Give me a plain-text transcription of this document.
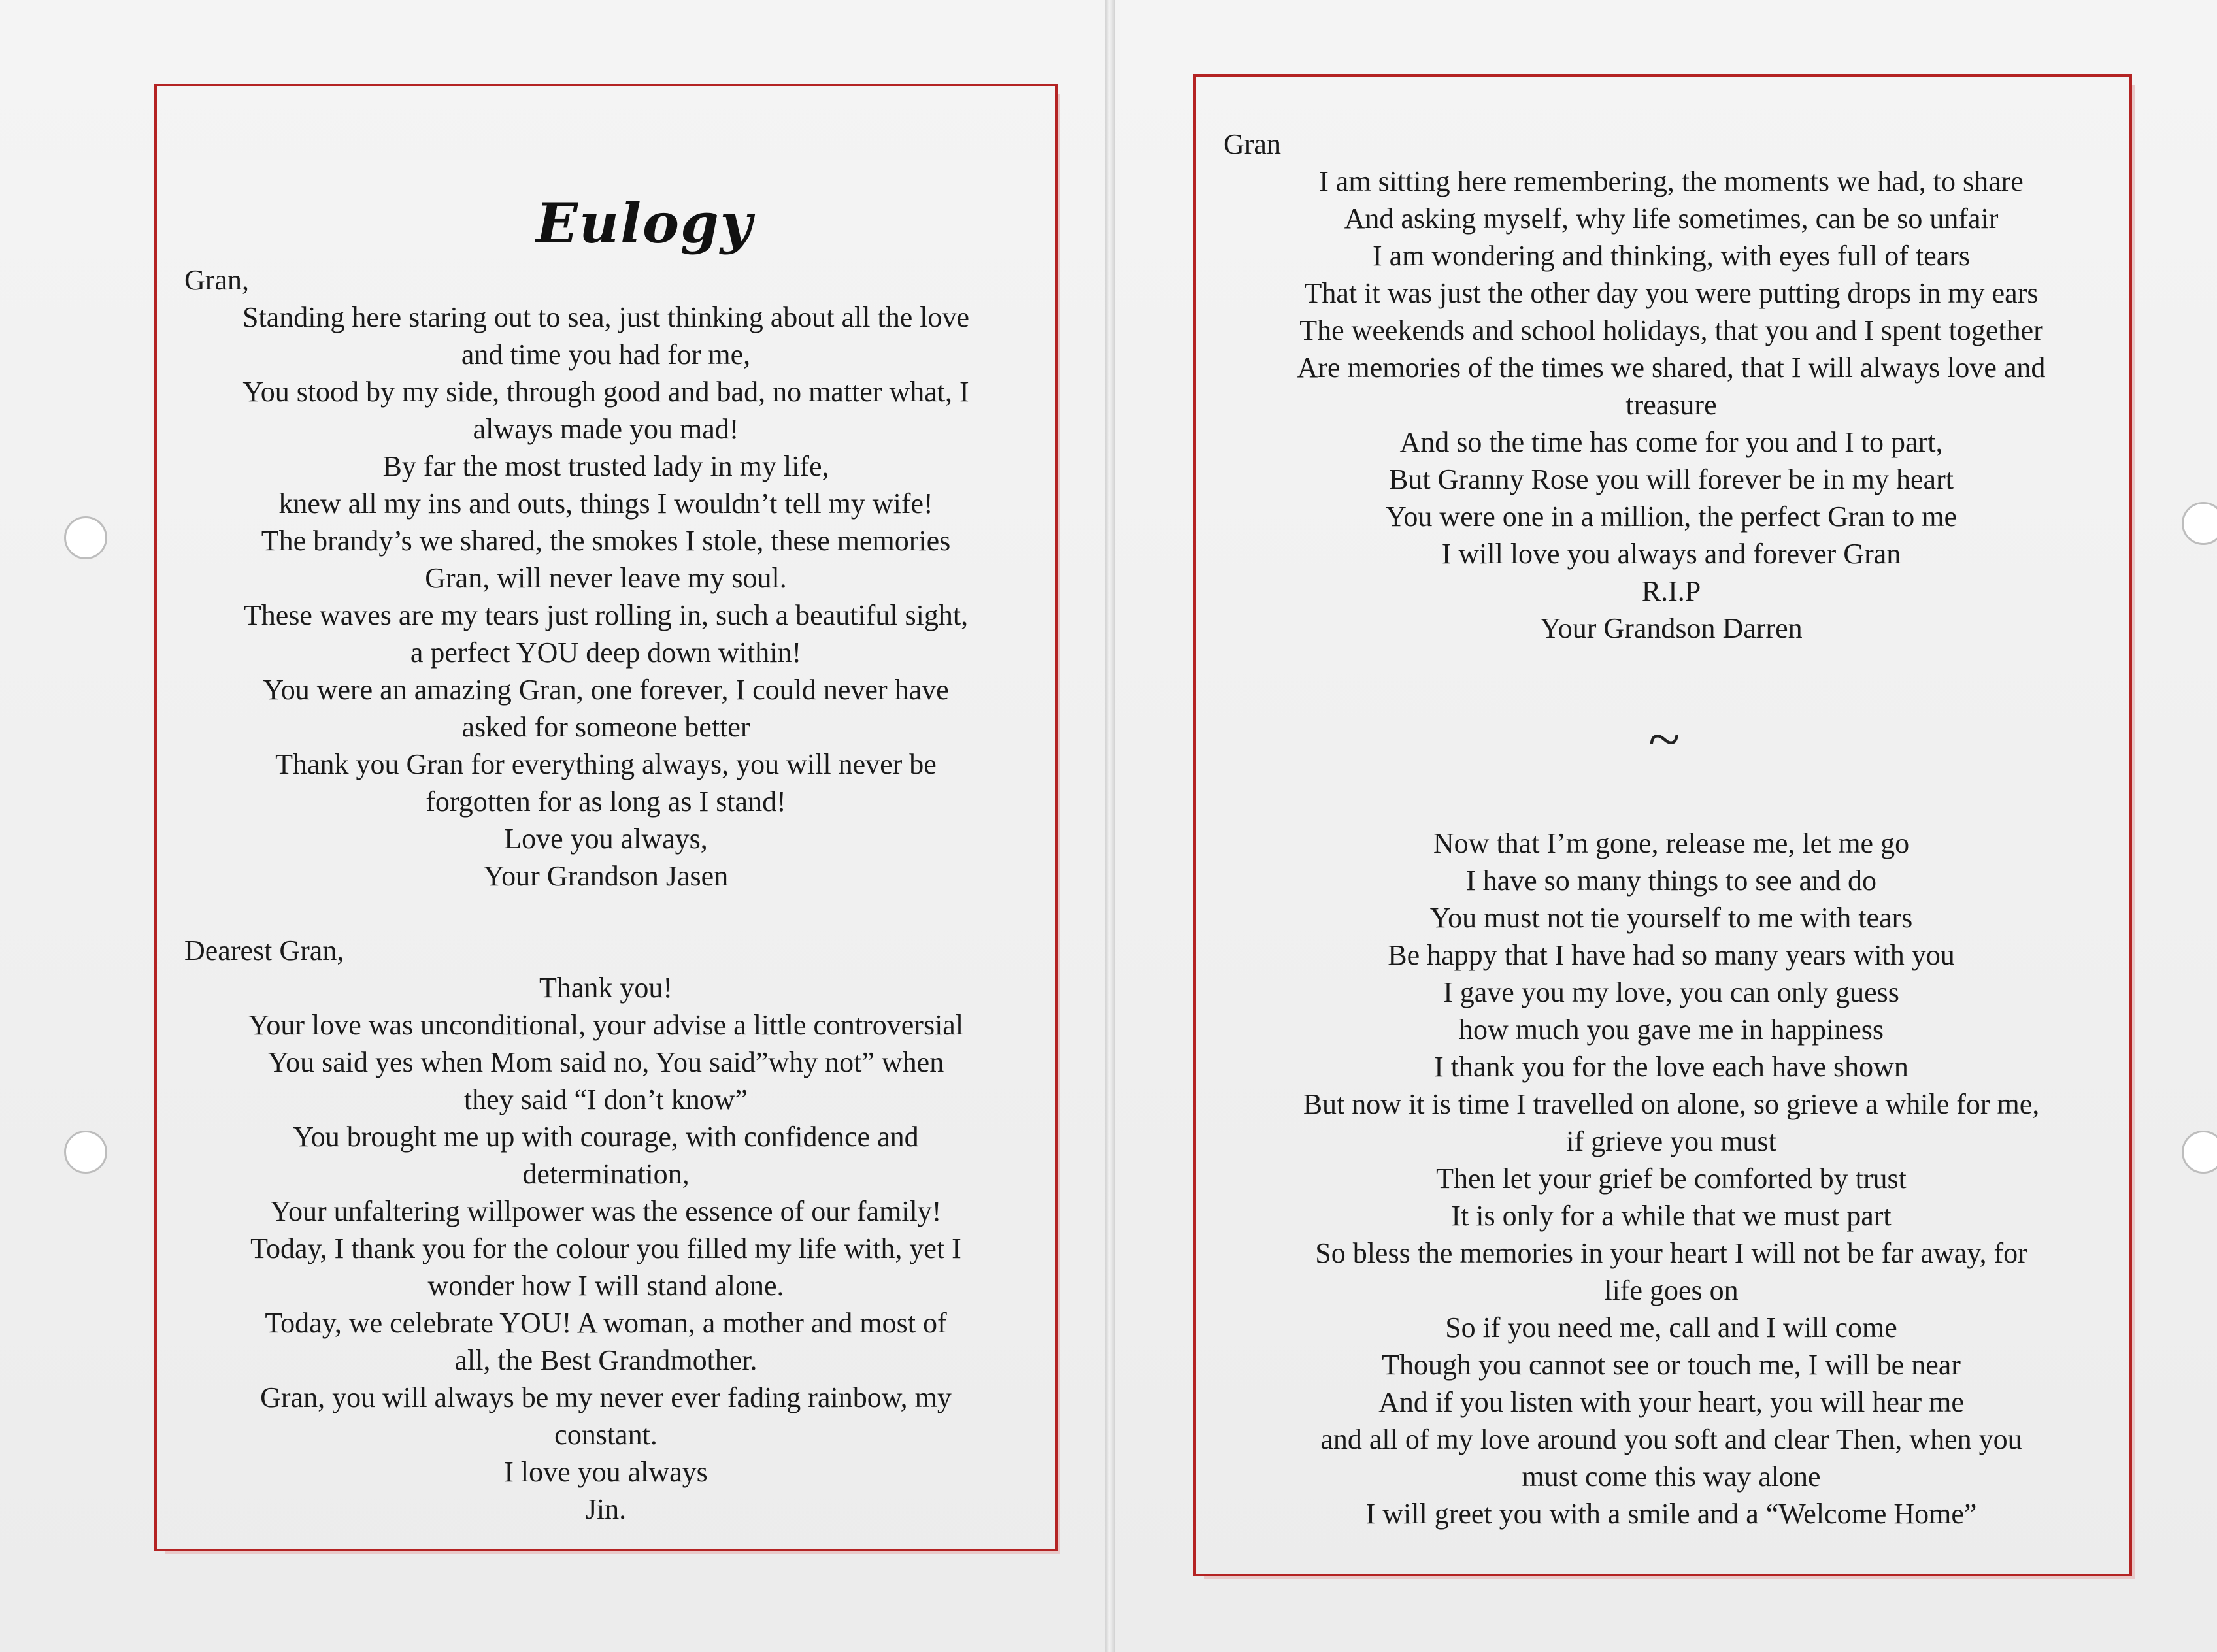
Eulogy
Gran,
Standing here staring out to sea, just thinking about all the love
and time you had for me,
You stood by my side, through good and bad, no matter what, I
always made you mad!
By far the most trusted lady in my life,
knew all my ins and outs, things I wouldn’t tell my wife!
The brandy’s we shared, the smokes I stole, these memories
Gran, will never leave my soul.
These waves are my tears just rolling in, such a beautiful sight,
a perfect YOU deep down within!
You were an amazing Gran, one forever, I could never have
asked for someone better
Thank you Gran for everything always, you will never be
forgotten for as long as I stand!
Love you always,
Your Grandson Jasen
Dearest Gran,
Thank you!
Your love was unconditional, your advise a little controversial
You said yes when Mom said no, You said”why not” when
they said “I don’t know”
You brought me up with courage, with confidence and
determination,
Your unfaltering willpower was the essence of our family!
Today, I thank you for the colour you filled my life with, yet I
wonder how I will stand alone.
Today, we celebrate YOU! A woman, a mother and most of
all, the Best Grandmother.
Gran, you will always be my never ever fading rainbow, my
constant.
I love you always
Jin.
Gran
I am sitting here remembering, the moments we had, to share
And asking myself, why life sometimes, can be so unfair
I am wondering and thinking, with eyes full of tears
That it was just the other day you were putting drops in my ears
The weekends and school holidays, that you and I spent together
Are memories of the times we shared, that I will always love and
treasure
And so the time has come for you and I to part,
But Granny Rose you will forever be in my heart
You were one in a million, the perfect Gran to me
I will love you always and forever Gran
R.I.P
Your Grandson Darren
~
Now that I’m gone, release me, let me go
I have so many things to see and do
You must not tie yourself to me with tears
Be happy that I have had so many years with you
I gave you my love, you can only guess
how much you gave me in happiness
I thank you for the love each have shown
But now it is time I travelled on alone, so grieve a while for me,
if grieve you must
Then let your grief be comforted by trust
It is only for a while that we must part
So bless the memories in your heart I will not be far away, for
life goes on
So if you need me, call and I will come
Though you cannot see or touch me, I will be near
And if you listen with your heart, you will hear me
and all of my love around you soft and clear Then, when you
must come this way alone
I will greet you with a smile and a “Welcome Home”
